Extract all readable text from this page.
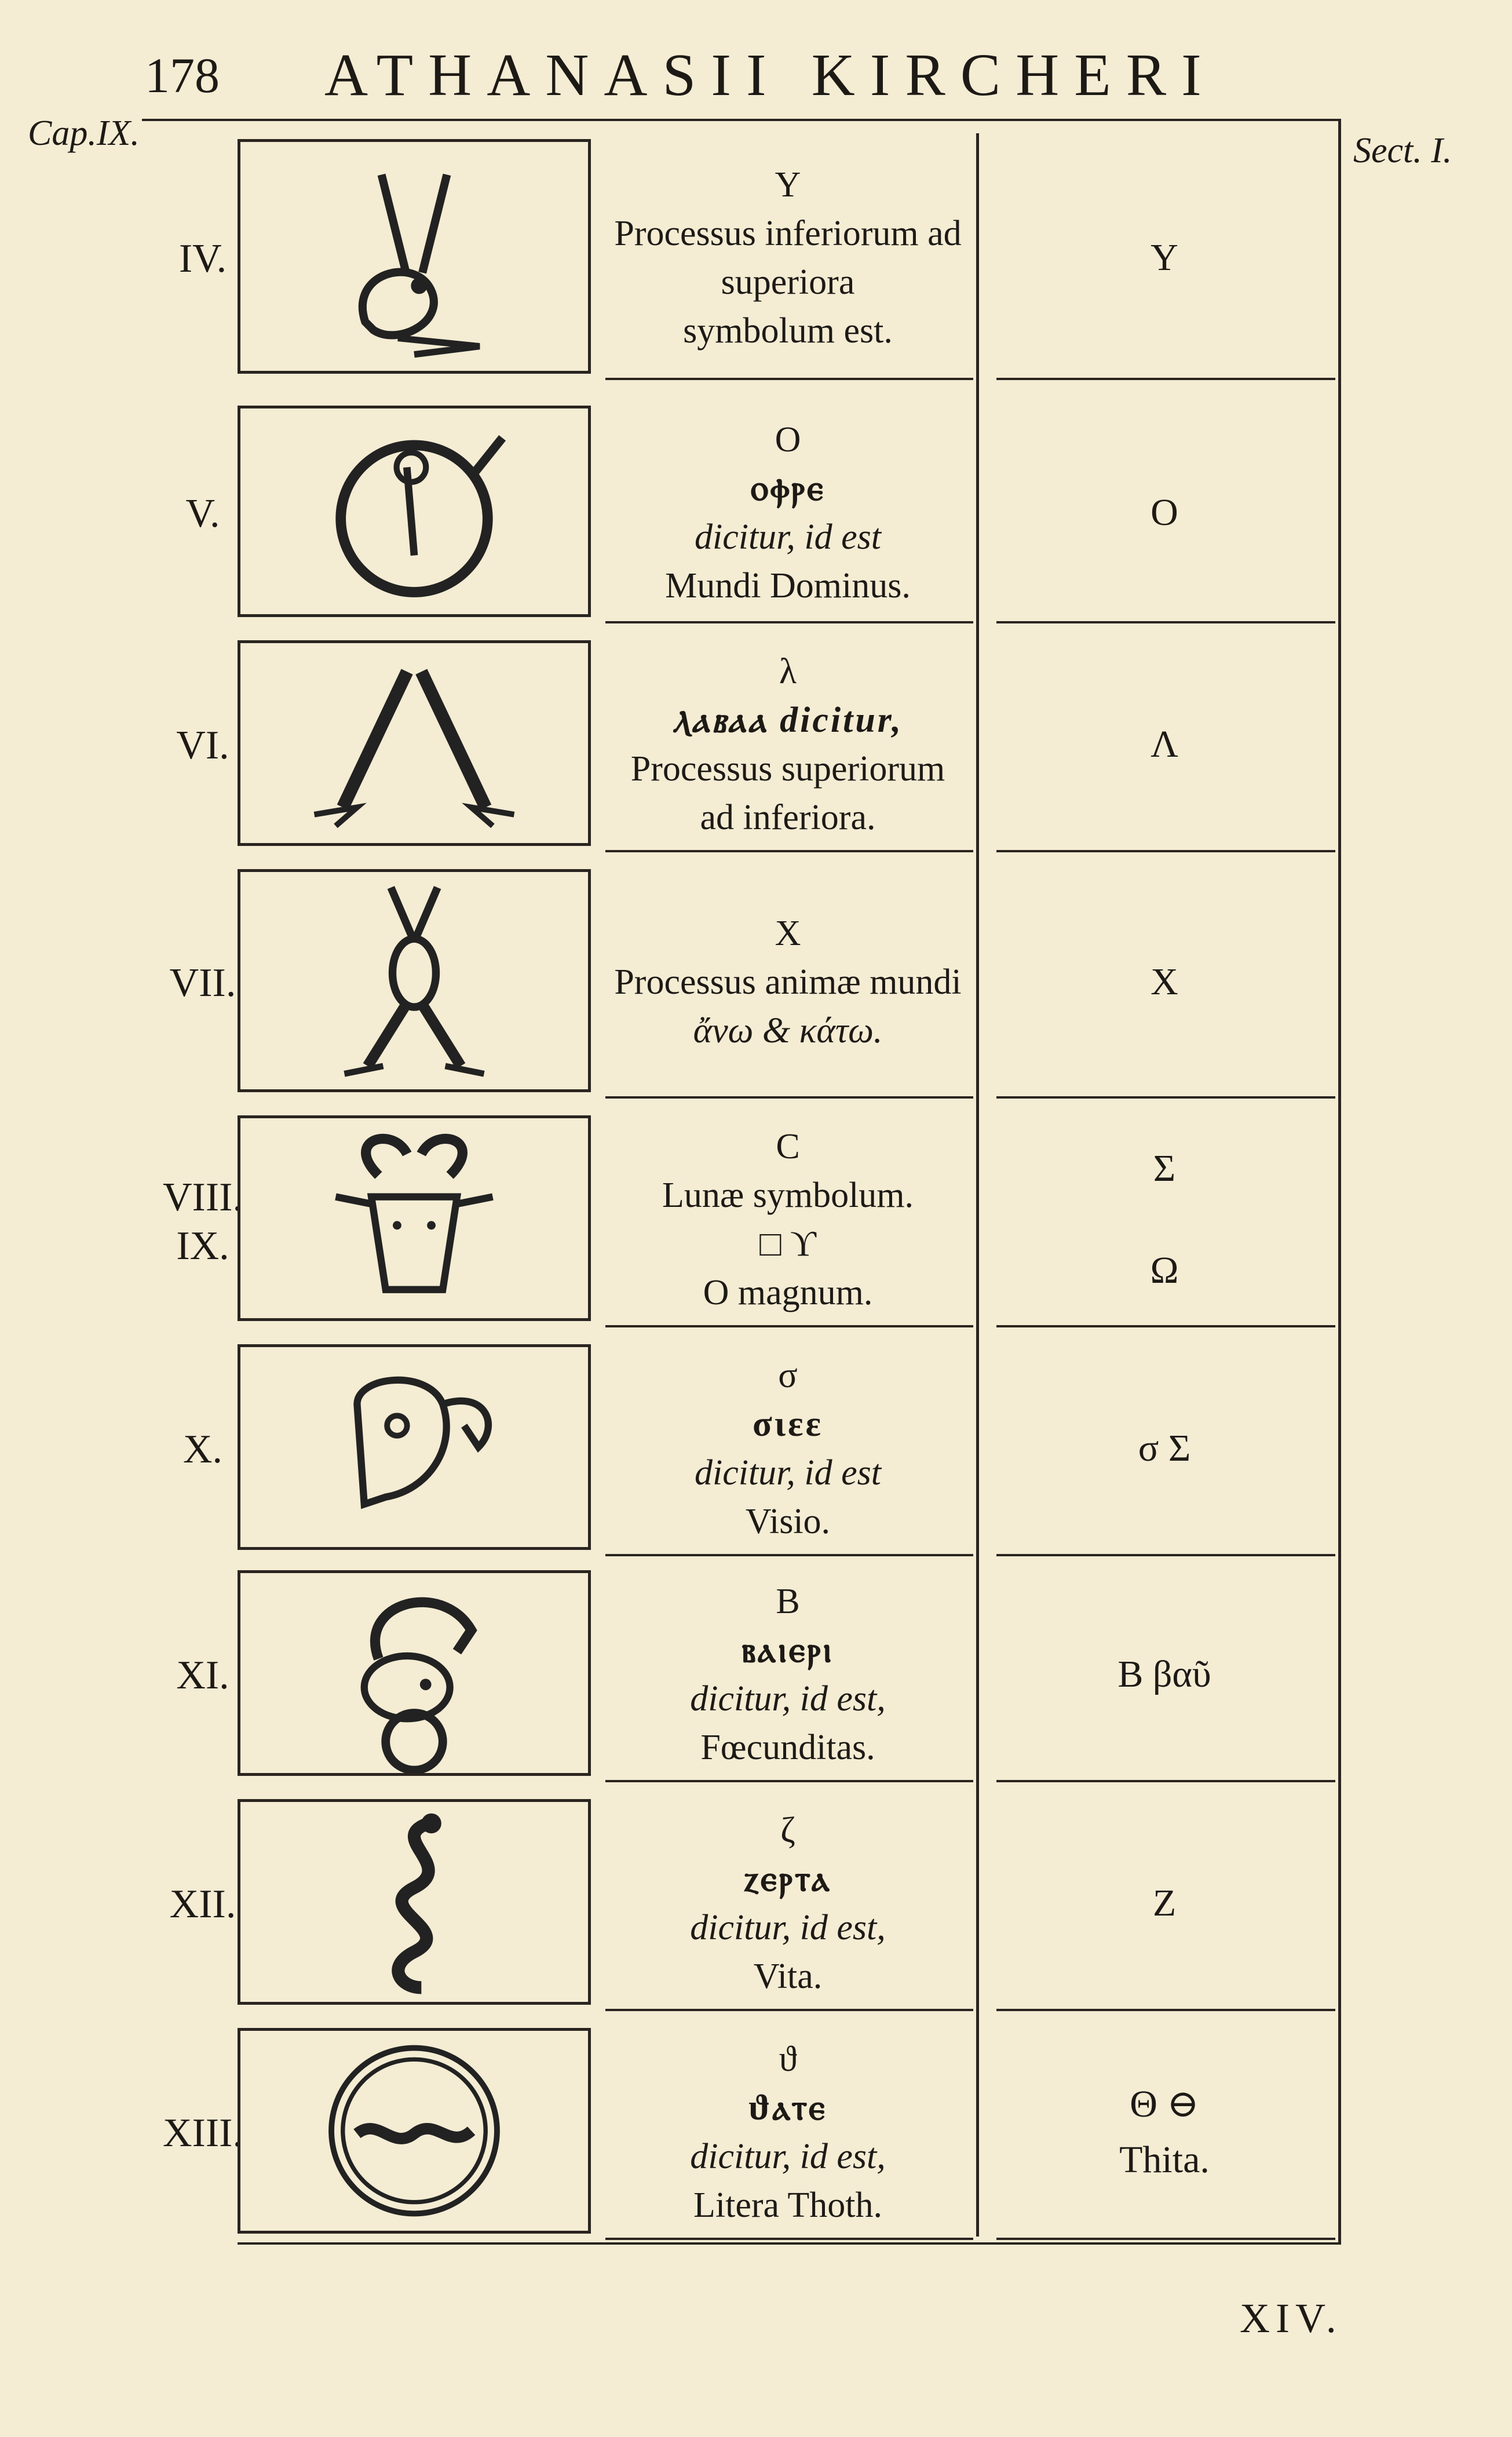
178 ATHANASII KIRCHERI
Cap.IX.	Sect. I.
IV.
Υ
Processus inferiorum ad
superiora
symbolum est.
Υ
V.
O
ⲟⲫⲣⲉ
dicitur, id est
Mundi Dominus.
O
VI.
λ
ⲗⲁⲃⲁⲁ dicitur,
Processus superiorum
ad inferiora.
Λ
VII.
X
Processus animæ mundi
ἄνω & κάτω.
X
VIII.
IX.
C
Lunæ symbolum.
□ ϒ
O magnum.
Σ
Ω
X.
σ
σιεε
dicitur, id est
Visio.
σ Σ
XI.
B
ⲃⲁⲓⲉⲣⲓ
dicitur, id est,
Fœcunditas.
B βαῦ
XII.
ζ
ⲍⲉⲣⲧⲁ
dicitur, id est,
Vita.
Z
XIII.
ϑ
ϑⲁⲧⲉ
dicitur, id est,
Litera Thoth.
Θ ⊖
Thita.
XIV.
